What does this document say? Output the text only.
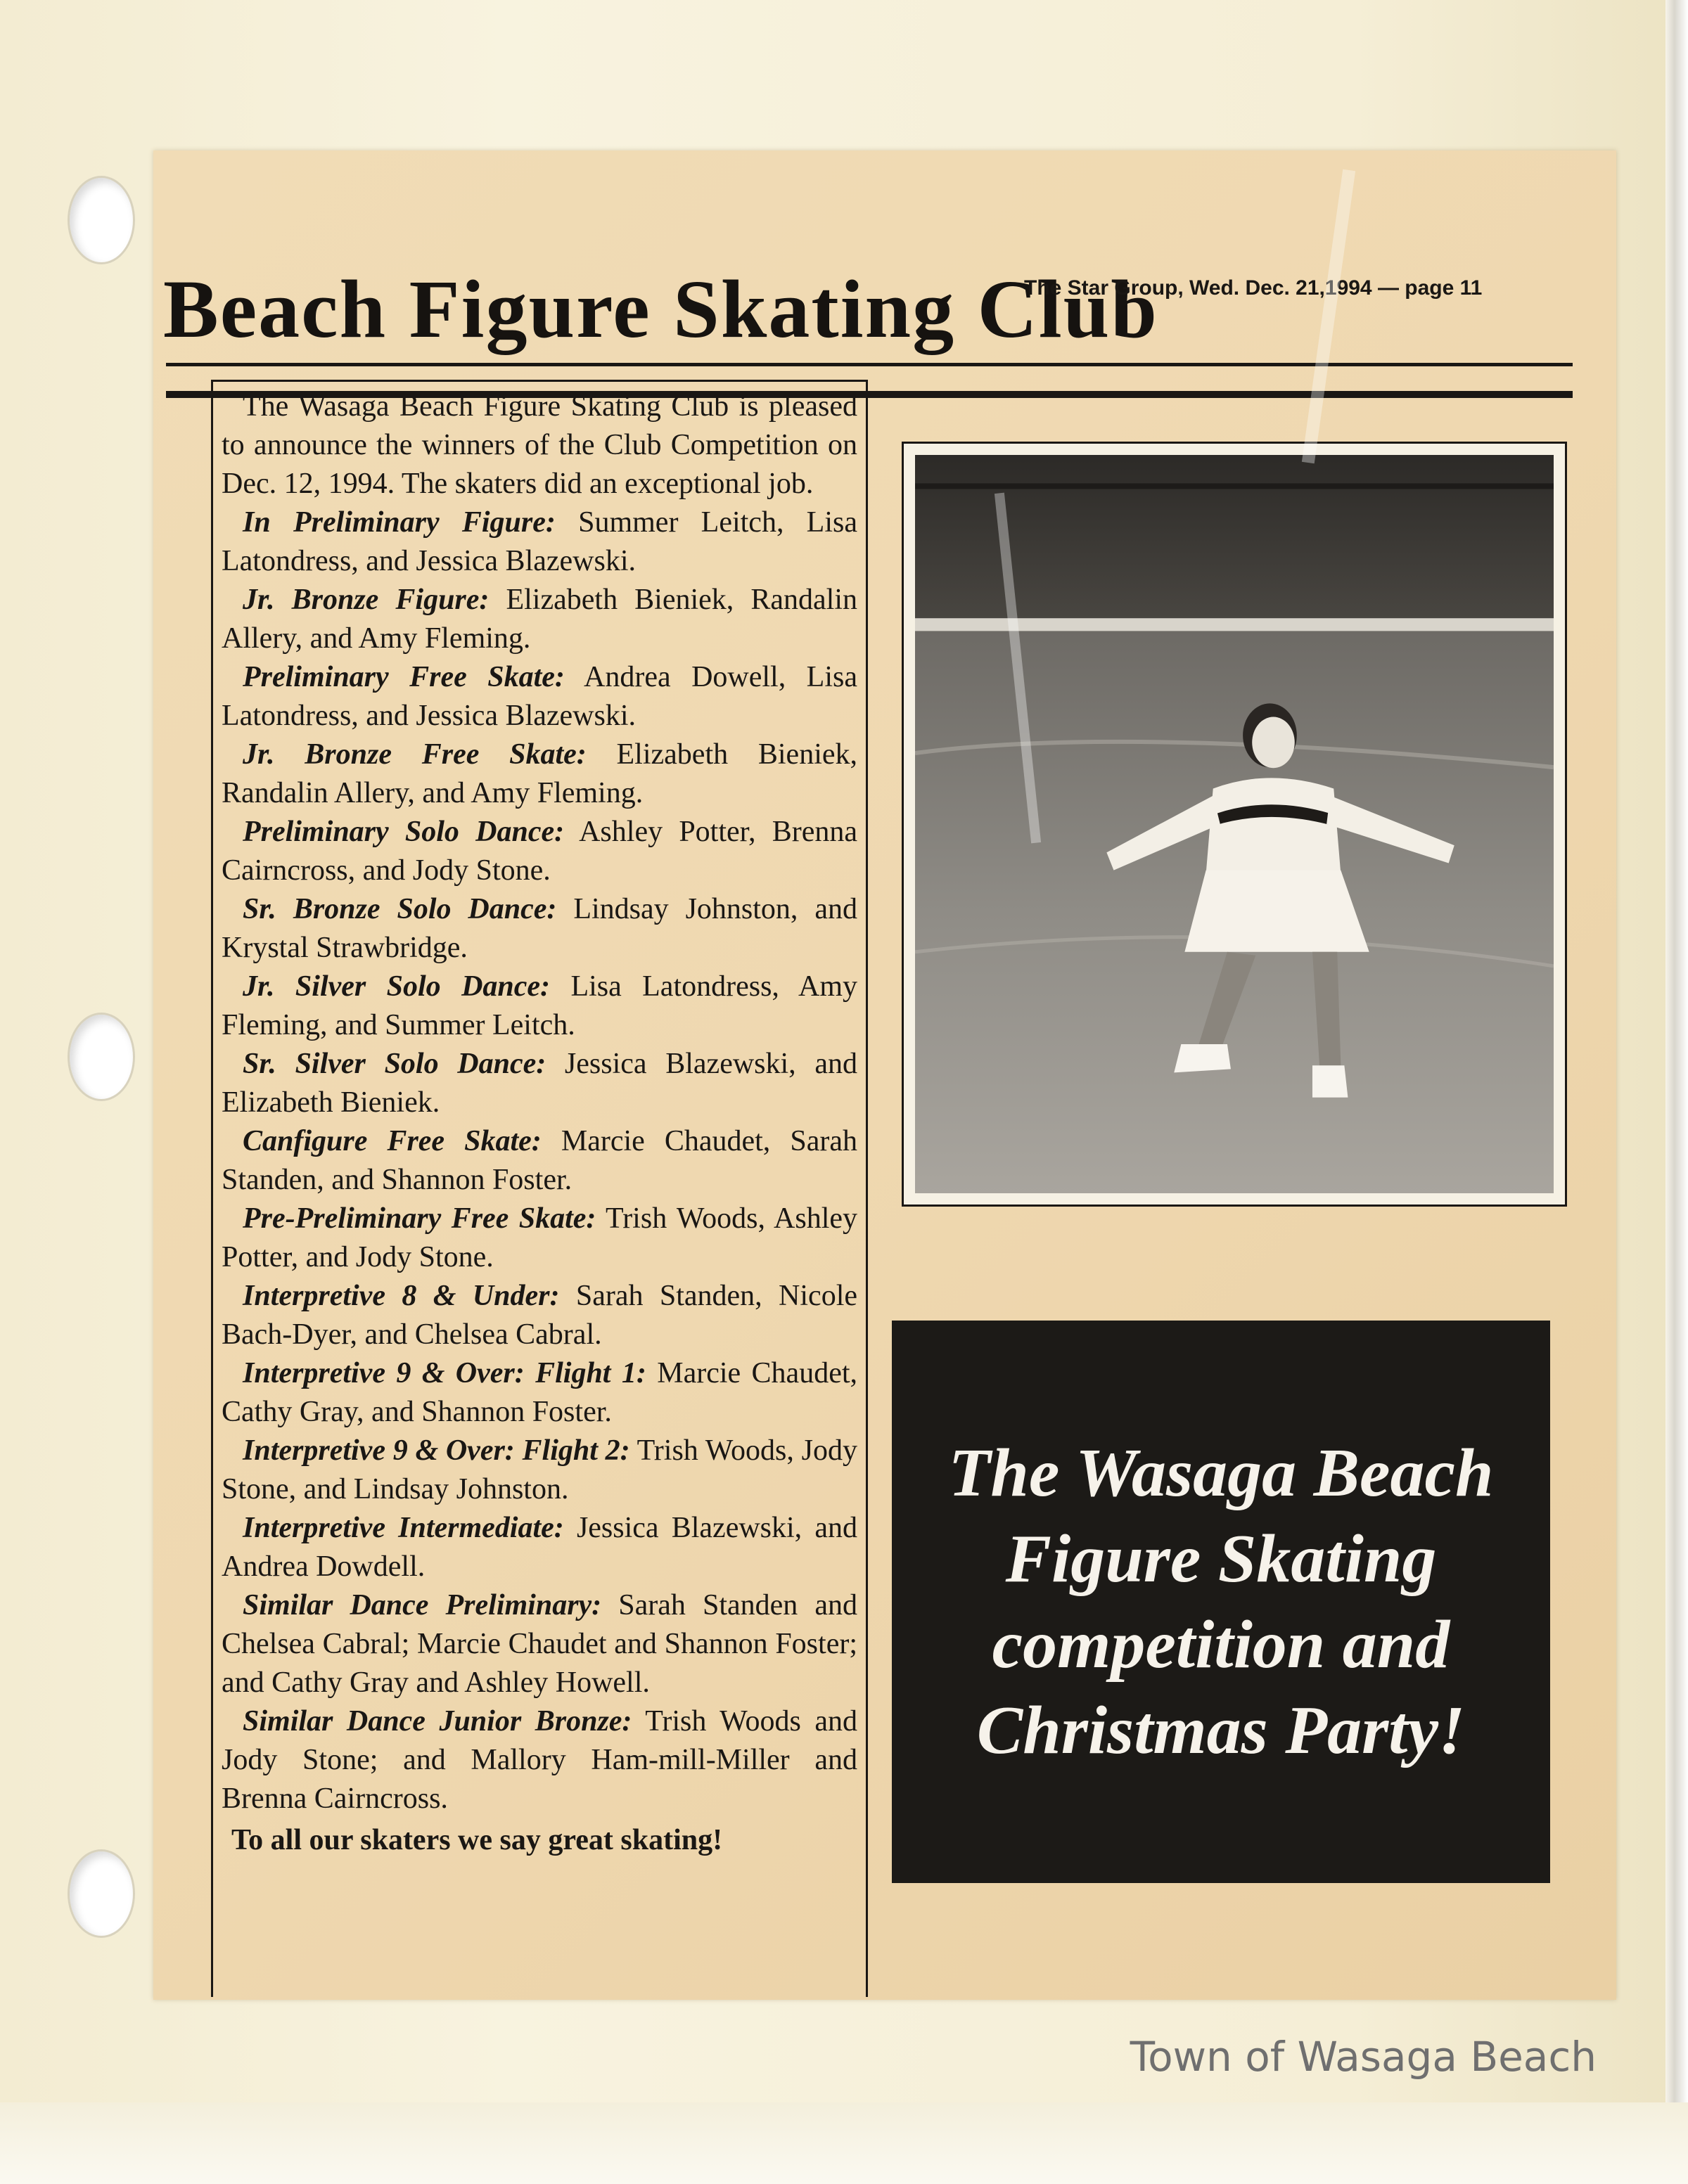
Beach Figure Skating Club
The Star Group, Wed. Dec. 21,1994 — page 11

The Wasaga Beach Figure Skating Club is pleased to announce the winners of the Club Competition on Dec. 12, 1994. The skaters did an exceptional job.

In Preliminary Figure: Summer Leitch, Lisa Latondress, and Jessica Blazewski.

Jr. Bronze Figure: Elizabeth Bieniek, Randalin Allery, and Amy Fleming.

Preliminary Free Skate: Andrea Dowell, Lisa Latondress, and Jessica Blazewski.

Jr. Bronze Free Skate: Elizabeth Bieniek, Randalin Allery, and Amy Fleming.

Preliminary Solo Dance: Ashley Potter, Brenna Cairncross, and Jody Stone.

Sr. Bronze Solo Dance: Lindsay Johnston, and Krystal Strawbridge.

Jr. Silver Solo Dance: Lisa Latondress, Amy Fleming, and Summer Leitch.

Sr. Silver Solo Dance: Jessica Blazewski, and Elizabeth Bieniek.

Canfigure Free Skate: Marcie Chaudet, Sarah Standen, and Shannon Foster.

Pre-Preliminary Free Skate: Trish Woods, Ashley Potter, and Jody Stone.

Interpretive 8 & Under: Sarah Standen, Nicole Bach-Dyer, and Chelsea Cabral.

Interpretive 9 & Over: Flight 1: Marcie Chaudet, Cathy Gray, and Shannon Foster.

Interpretive 9 & Over: Flight 2: Trish Woods, Jody Stone, and Lindsay Johnston.

Interpretive Intermediate: Jessica Blazewski, and Andrea Dowdell.

Similar Dance Preliminary: Sarah Standen and Chelsea Cabral; Marcie Chaudet and Shannon Foster; and Cathy Gray and Ashley Howell.

Similar Dance Junior Bronze: Trish Woods and Jody Stone; and Mallory Ham-mill-Miller and Brenna Cairncross.

To all our skaters we say great skating!

The Wasaga Beach Figure Skating competition and Christmas Party!
Town of Wasaga Beach
